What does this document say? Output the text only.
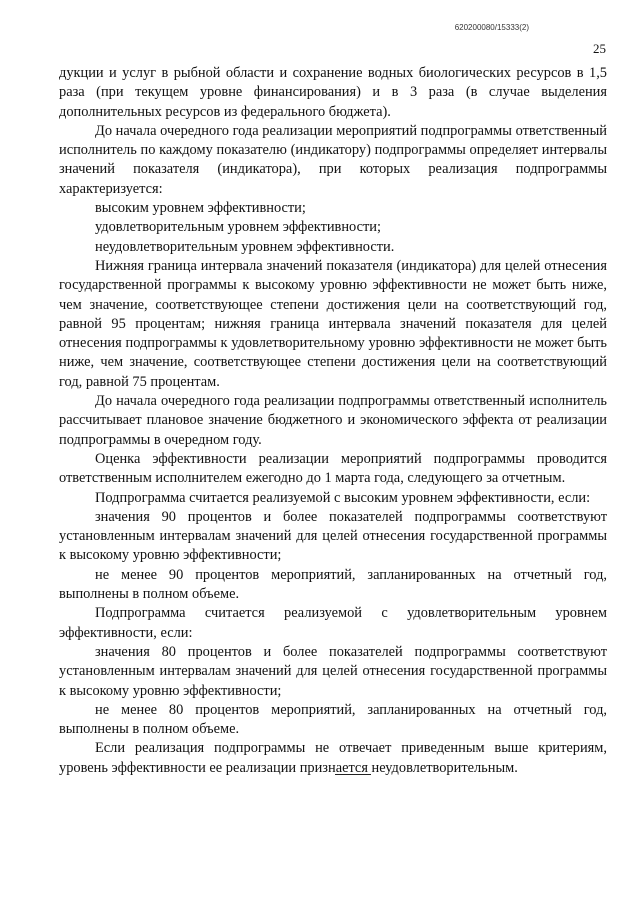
620200080/15333(2)
25

дукции и услуг в рыбной области и сохранение водных биологических ресурсов в 1,5 раза (при текущем уровне финансирования) и в 3 раза (в случае выделения дополнительных ресурсов из федерального бюджета).

До начала очередного года реализации мероприятий подпрограммы ответственный исполнитель по каждому показателю (индикатору) подпрограммы определяет интервалы значений показателя (индикатора), при которых реализация подпрограммы характеризуется:

высоким уровнем эффективности;

удовлетворительным уровнем эффективности;

неудовлетворительным уровнем эффективности.

Нижняя граница интервала значений показателя (индикатора) для целей отнесения государственной программы к высокому уровню эффективности не может быть ниже, чем значение, соответствующее степени достижения цели на соответствующий год, равной 95 процентам; нижняя граница интервала значений показателя для целей отнесения подпрограммы к удовлетворительному уровню эффективности не может быть ниже, чем значение, соответствующее степени достижения цели на соответствующий год, равной 75 процентам.

До начала очередного года реализации подпрограммы ответственный исполнитель рассчитывает плановое значение бюджетного и экономического эффекта от реализации подпрограммы в очередном году.

Оценка эффективности реализации мероприятий подпрограммы проводится ответственным исполнителем ежегодно до 1 марта года, следующего за отчетным.

Подпрограмма считается реализуемой с высоким уровнем эффективности, если:

значения 90 процентов и более показателей подпрограммы соответствуют установленным интервалам значений для целей отнесения государственной программы к высокому уровню эффективности;

не менее 90 процентов мероприятий, запланированных на отчетный год, выполнены в полном объеме.

Подпрограмма считается реализуемой с удовлетворительным уровнем эффективности, если:

значения 80 процентов и более показателей подпрограммы соответствуют установленным интервалам значений для целей отнесения государственной программы к высокому уровню эффективности;

не менее 80 процентов мероприятий, запланированных на отчетный год, выполнены в полном объеме.

Если реализация подпрограммы не отвечает приведенным выше критериям, уровень эффективности ее реализации признается неудовлетворительным.
